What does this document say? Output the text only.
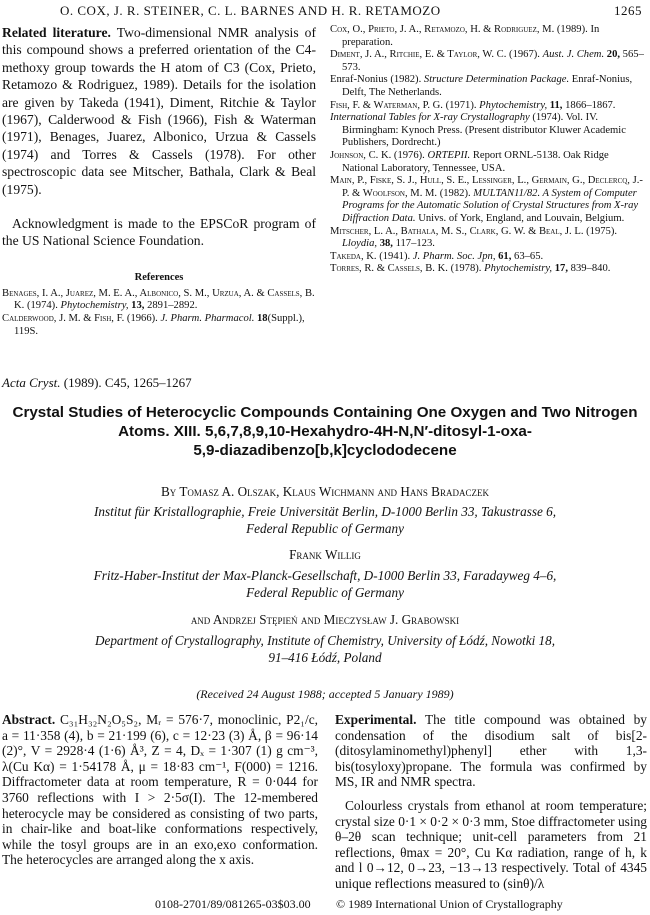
O. COX, J. R. STEINER, C. L. BARNES AND H. R. RETAMOZO	1265

Related literature. Two-dimensional NMR analysis of this compound shows a preferred orientation of the C4-methoxy group towards the H atom of C3 (Cox, Prieto, Retamozo & Rodriguez, 1989). Details for the isolation are given by Takeda (1941), Diment, Ritchie & Taylor (1967), Calderwood & Fish (1966), Fish & Waterman (1971), Benages, Juarez, Albonico, Urzua & Cassels (1974) and Torres & Cassels (1978). For other spectroscopic data see Mitscher, Bathala, Clark & Beal (1975).

Acknowledgment is made to the EPSCoR program of the US National Science Foundation.

References

Benages, I. A., Juarez, M. E. A., Albonico, S. M., Urzua, A. & Cassels, B. K. (1974). Phytochemistry, 13, 2891–2892.

Calderwood, J. M. & Fish, F. (1966). J. Pharm. Pharmacol. 18(Suppl.), 119S.

Cox, O., Prieto, J. A., Retamozo, H. & Rodriguez, M. (1989). In preparation.

Diment, J. A., Ritchie, E. & Taylor, W. C. (1967). Aust. J. Chem. 20, 565–573.

Enraf-Nonius (1982). Structure Determination Package. Enraf-Nonius, Delft, The Netherlands.

Fish, F. & Waterman, P. G. (1971). Phytochemistry, 11, 1866–1867.

International Tables for X-ray Crystallography (1974). Vol. IV. Birmingham: Kynoch Press. (Present distributor Kluwer Academic Publishers, Dordrecht.)

Johnson, C. K. (1976). ORTEPII. Report ORNL-5138. Oak Ridge National Laboratory, Tennessee, USA.

Main, P., Fiske, S. J., Hull, S. E., Lessinger, L., Germain, G., Declercq, J.-P. & Woolfson, M. M. (1982). MULTAN11/82. A System of Computer Programs for the Automatic Solution of Crystal Structures from X-ray Diffraction Data. Univs. of York, England, and Louvain, Belgium.

Mitscher, L. A., Bathala, M. S., Clark, G. W. & Beal, J. L. (1975). Lloydia, 38, 117–123.

Takeda, K. (1941). J. Pharm. Soc. Jpn, 61, 63–65.

Torres, R. & Cassels, B. K. (1978). Phytochemistry, 17, 839–840.

Acta Cryst. (1989). C45, 1265–1267
Crystal Studies of Heterocyclic Compounds Containing One Oxygen and Two Nitrogen
Atoms. XIII. 5,6,7,8,9,10-Hexahydro-4H-N,N′-ditosyl-1-oxa-
5,9-diazadibenzo[b,k]cyclododecene
By Tomasz A. Olszak, Klaus Wichmann and Hans Bradaczek
Institut für Kristallographie, Freie Universität Berlin, D-1000 Berlin 33, Takustrasse 6,
Federal Republic of Germany
Frank Willig
Fritz-Haber-Institut der Max-Planck-Gesellschaft, D-1000 Berlin 33, Faradayweg 4–6,
Federal Republic of Germany
and Andrzej Stępień and Mieczysław J. Grabowski
Department of Crystallography, Institute of Chemistry, University of Łódź, Nowotki 18,
91–416 Łódź, Poland
(Received 24 August 1988; accepted 5 January 1989)

Abstract. C₃₁H₃₂N₂O₅S₂, Mᵣ = 576·7, monoclinic, P2₁/c, a = 11·358 (4), b = 21·199 (6), c = 12·23 (3) Å, β = 96·14 (2)°, V = 2928·4 (1·6) Å³, Z = 4, Dₓ = 1·307 (1) g cm⁻³, λ(Cu Kα) = 1·54178 Å, μ = 18·83 cm⁻¹, F(000) = 1216. Diffractometer data at room temperature, R = 0·044 for 3760 reflections with I > 2·5σ(I). The 12-membered heterocycle may be considered as consisting of two parts, in chair-like and boat-like conformations respectively, while the tosyl groups are in an exo,exo conformation. The heterocycles are arranged along the x axis.

Experimental. The title compound was obtained by condensation of the disodium salt of bis[2-(ditosylaminomethyl)phenyl] ether with 1,3-bis(tosyloxy)propane. The formula was confirmed by MS, IR and NMR spectra.

Colourless crystals from ethanol at room temperature; crystal size 0·1 × 0·2 × 0·3 mm, Stoe diffractometer using θ–2θ scan technique; unit-cell parameters from 21 reflections, θmax = 20°, Cu Kα radiation, range of h, k and l 0→12, 0→23, −13→13 respectively. Total of 4345 unique reflections measured to (sinθ)/λ

0108-2701/89/081265-03$03.00 © 1989 International Union of Crystallography
